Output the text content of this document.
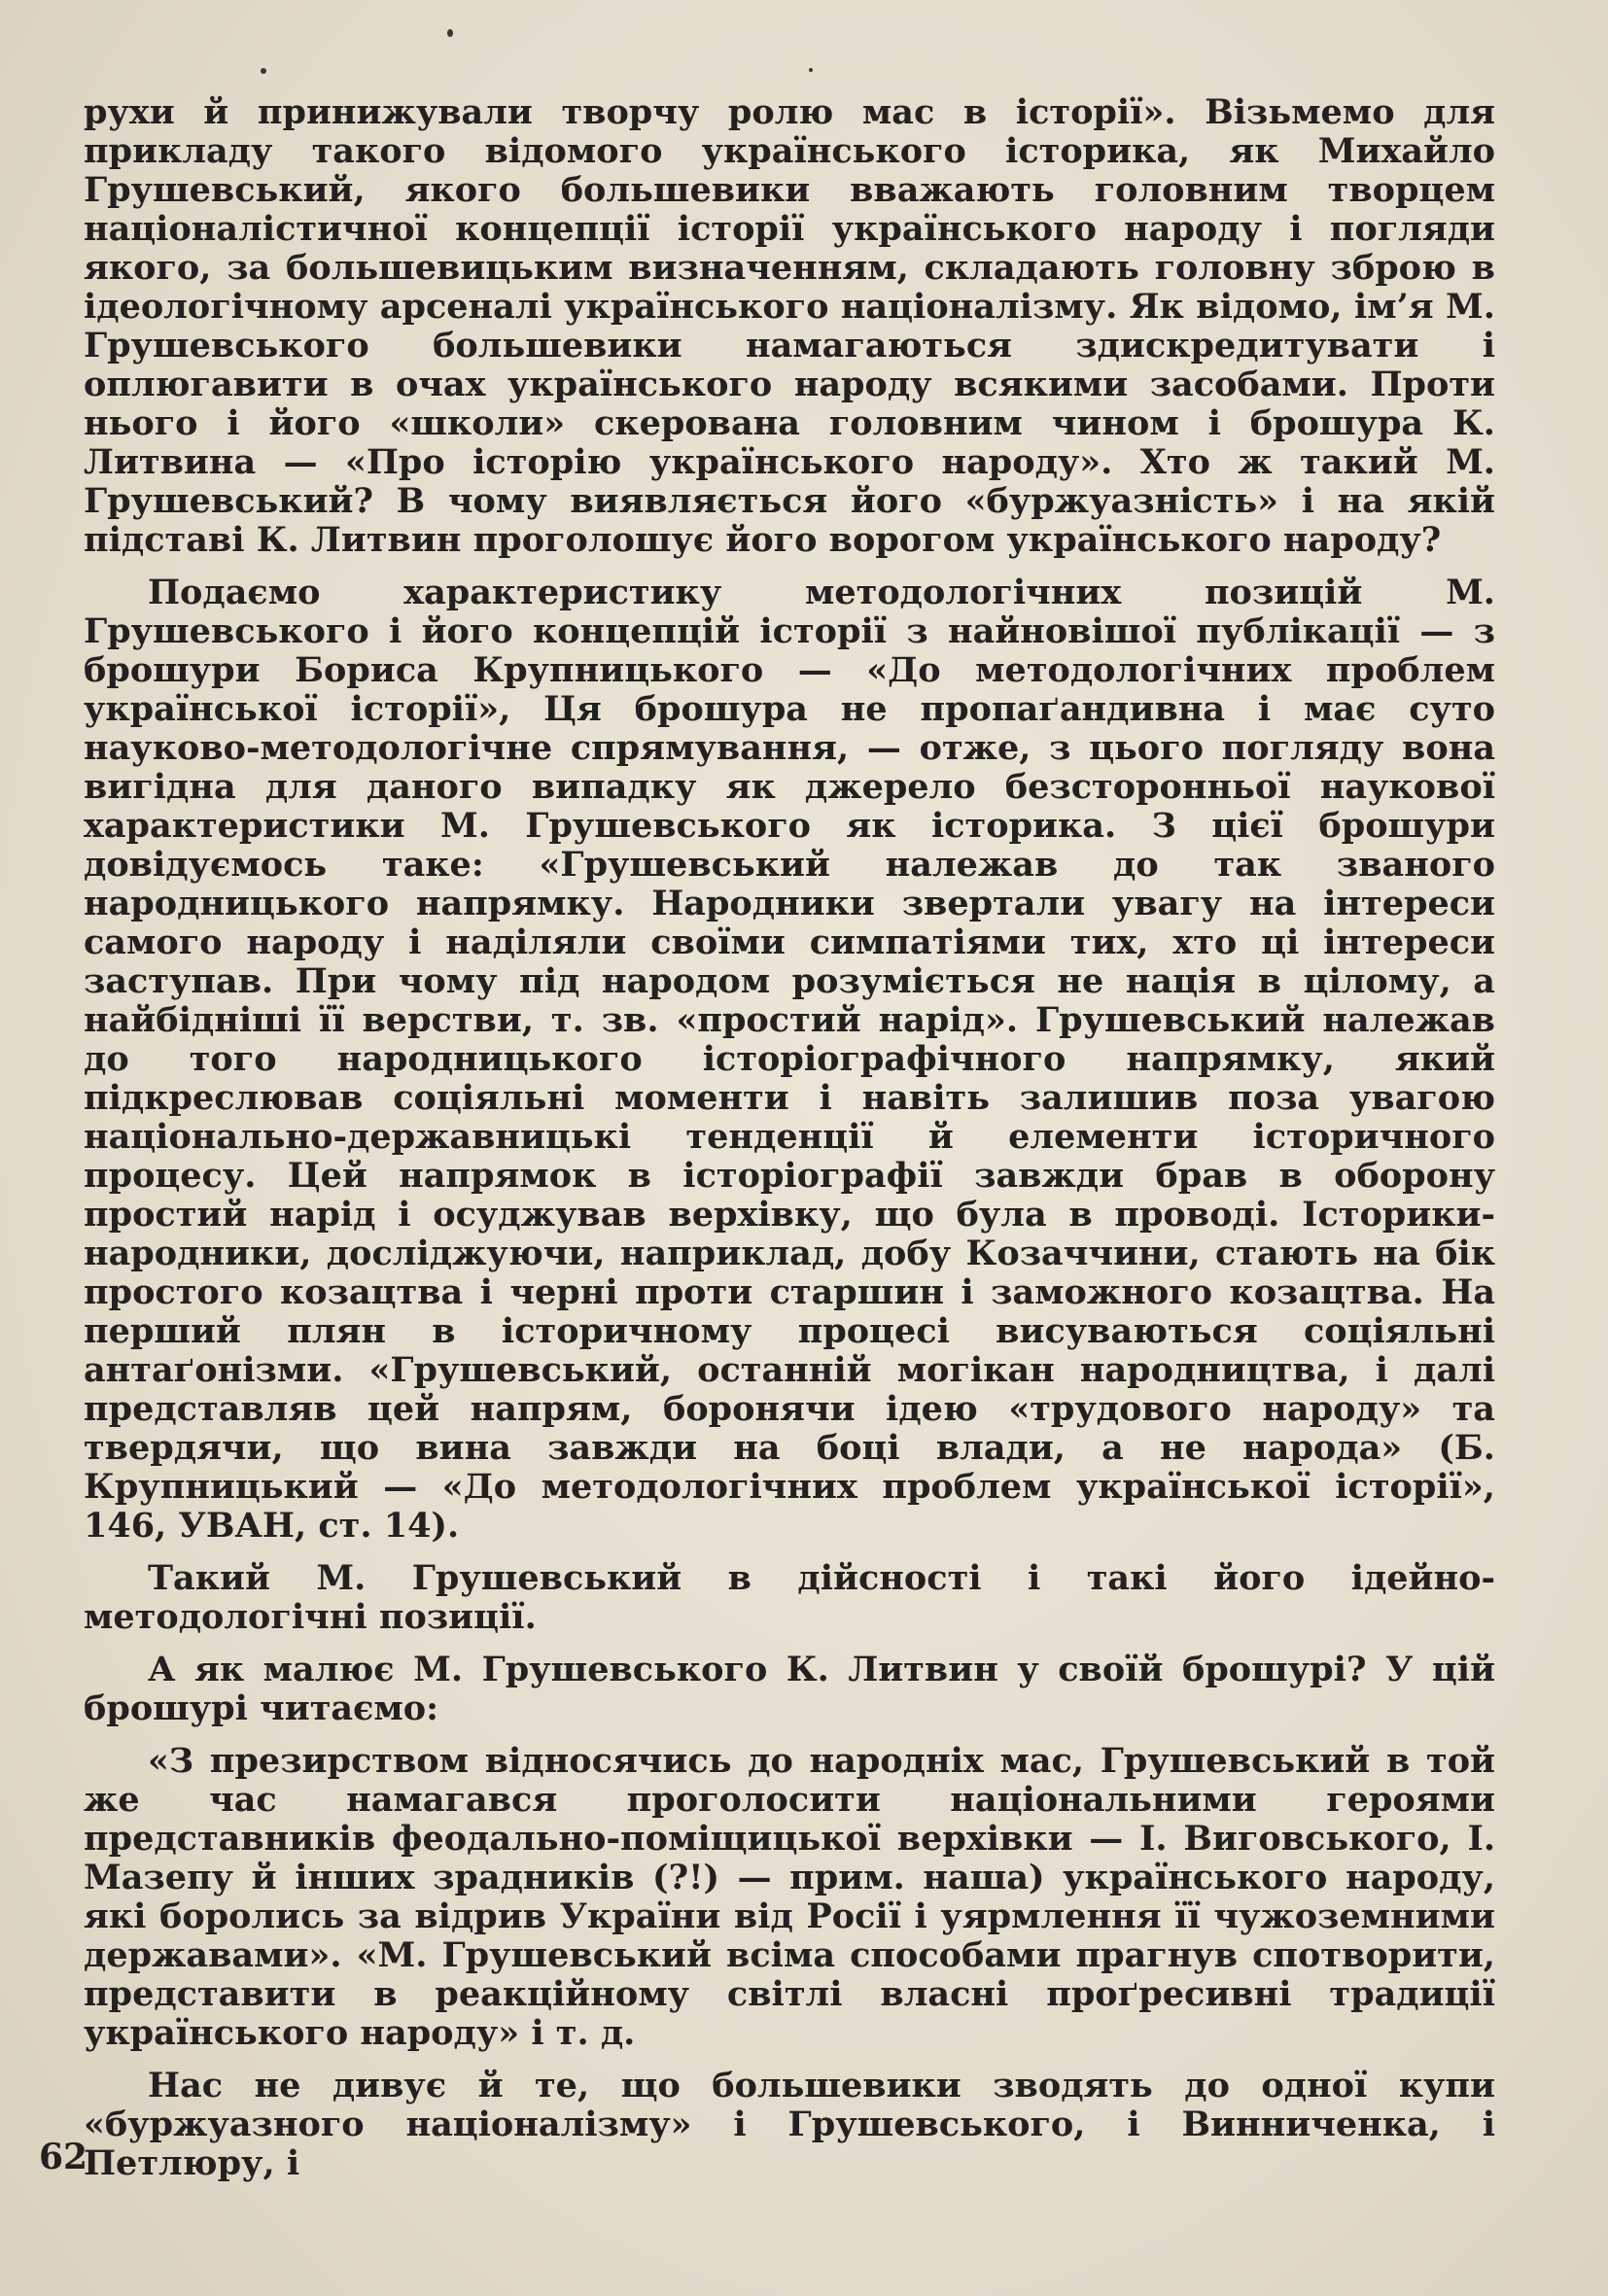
рухи й принижували творчу ролю мас в історії». Візьмемо для прикладу такого відомого українського історика, як Михайло Грушевський, якого большевики вважають головним творцем націоналістичної концепції історії українського народу і погляди якого, за большевицьким визначенням, складають головну зброю в ідеологічному арсеналі українського націоналізму. Як відомо, ім’я М. Грушевського большевики намагаються здискредитувати і оплюгавити в очах українського народу всякими засобами. Проти нього і його «школи» скерована головним чином і брошура К. Литвина — «Про історію українського народу». Хто ж такий М. Грушевський? В чому виявляється його «буржуазність» і на якій підставі К. Литвин проголошує його ворогом українського народу?

Подаємо характеристику методологічних позицій М. Грушевського і його концепцій історії з найновішої публікації — з брошури Бориса Крупницького — «До методологічних проблем української історії», Ця брошура не пропаґандивна і має суто науково-методологічне спрямування, — отже, з цього погляду вона вигідна для даного випадку як джерело безсторонньої наукової характеристики М. Грушевського як історика. З цієї брошури довідуємось таке: «Грушевський належав до так званого народницького напрямку. Народники звертали увагу на інтереси самого народу і наділяли своїми симпатіями тих, хто ці інтереси заступав. При чому під народом розуміється не нація в цілому, а найбідніші її верстви, т. зв. «простий нарід». Грушевський належав до того народницького історіографічного напрямку, який підкреслював соціяльні моменти і навіть залишив поза увагою національно-державницькі тенденції й елементи історичного процесу. Цей напрямок в історіографії завжди брав в оборону простий нарід і осуджував верхівку, що була в проводі. Історики-народники, досліджуючи, наприклад, добу Козаччини, стають на бік простого козацтва і черні проти старшин і заможного козацтва. На перший плян в історичному процесі висуваються соціяльні антаґонізми. «Грушевський, останній могікан народництва, і далі представляв цей напрям, боронячи ідею «трудового народу» та твердячи, що вина завжди на боці влади, а не народа» (Б. Крупницький — «До методологічних проблем української історії», 146, УВАН, ст. 14).

Такий М. Грушевський в дійсності і такі його ідейно-методологічні позиції.

А як малює М. Грушевського К. Литвин у своїй брошурі? У цій брошурі читаємо:

«З презирством відносячись до народніх мас, Грушевський в той же час намагався проголосити національними героями представників феодально-поміщицької верхівки — І. Виговського, І. Мазепу й інших зрадників (?!) — прим. наша) українського народу, які боролись за відрив України від Росії і уярмлення її чужоземними державами». «М. Грушевський всіма способами прагнув спотворити, представити в реакційному світлі власні проґресивні традиції українського народу» і т. д.

Нас не дивує й те, що большевики зводять до одної купи «буржуазного націоналізму» і Грушевського, і Винниченка, і Петлюру, і

62
